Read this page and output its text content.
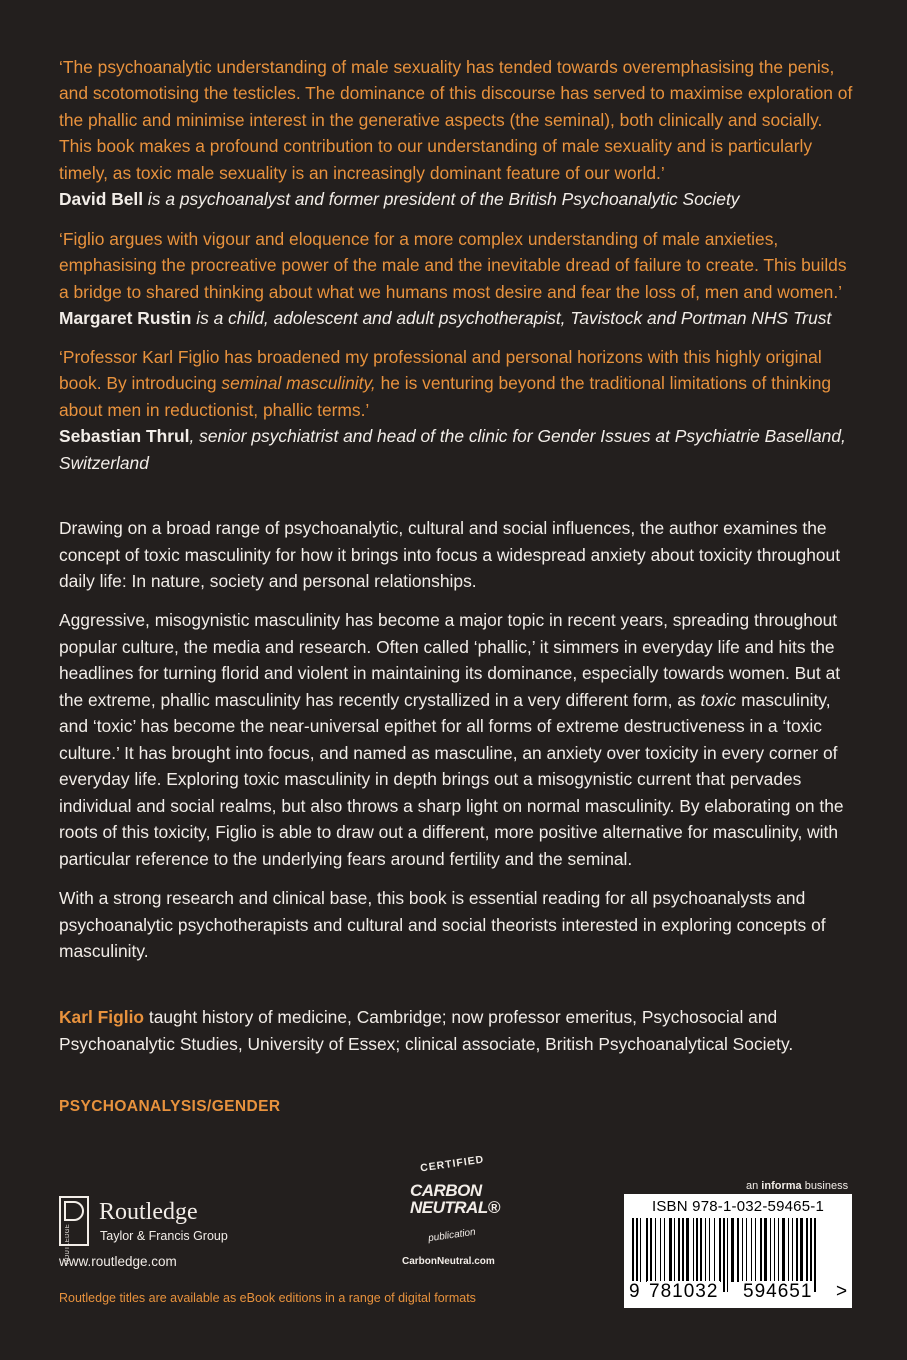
‘The psychoanalytic understanding of male sexuality has tended towards overemphasising the penis, and scotomotising the testicles. The dominance of this discourse has served to maximise exploration of the phallic and minimise interest in the generative aspects (the seminal), both clinically and socially. This book makes a profound contribution to our understanding of male sexuality and is particularly timely, as toxic male sexuality is an increasingly dominant feature of our world.’

David Bell is a psychoanalyst and former president of the British Psychoanalytic Society

‘Figlio argues with vigour and eloquence for a more complex understanding of male anxieties, emphasising the procreative power of the male and the inevitable dread of failure to create. This builds a bridge to shared thinking about what we humans most desire and fear the loss of, men and women.’

Margaret Rustin is a child, adolescent and adult psychotherapist, Tavistock and Portman NHS Trust

‘Professor Karl Figlio has broadened my professional and personal horizons with this highly original book. By introducing seminal masculinity, he is venturing beyond the traditional limitations of thinking about men in reductionist, phallic terms.’

Sebastian Thrul, senior psychiatrist and head of the clinic for Gender Issues at Psychiatrie Baselland, Switzerland

Drawing on a broad range of psychoanalytic, cultural and social influences, the author examines the concept of toxic masculinity for how it brings into focus a widespread anxiety about toxicity throughout daily life: In nature, society and personal relationships.

Aggressive, misogynistic masculinity has become a major topic in recent years, spreading throughout popular culture, the media and research. Often called ‘phallic,’ it simmers in everyday life and hits the headlines for turning florid and violent in maintaining its dominance, especially towards women. But at the extreme, phallic masculinity has recently crystallized in a very different form, as toxic masculinity, and ‘toxic’ has become the near-universal epithet for all forms of extreme destructiveness in a ‘toxic culture.’ It has brought into focus, and named as masculine, an anxiety over toxicity in every corner of everyday life. Exploring toxic masculinity in depth brings out a misogynistic current that pervades individual and social realms, but also throws a sharp light on normal masculinity. By elaborating on the roots of this toxicity, Figlio is able to draw out a different, more positive alternative for masculinity, with particular reference to the underlying fears around fertility and the seminal.

With a strong research and clinical base, this book is essential reading for all psychoanalysts and psychoanalytic psychotherapists and cultural and social theorists interested in exploring concepts of masculinity.

Karl Figlio taught history of medicine, Cambridge; now professor emeritus, Psychosocial and Psychoanalytic Studies, University of Essex; clinical associate, British Psychoanalytical Society.

PSYCHOANALYSIS/GENDER

ROUTLEDGE
Routledge
Taylor & Francis Group
www.routledge.com
CERTIFIED
CARBON
NEUTRAL®
publication
CarbonNeutral.com
an informa business
ISBN 978-1-032-59465-1
9 781032 594651 >
Routledge titles are available as eBook editions in a range of digital formats
